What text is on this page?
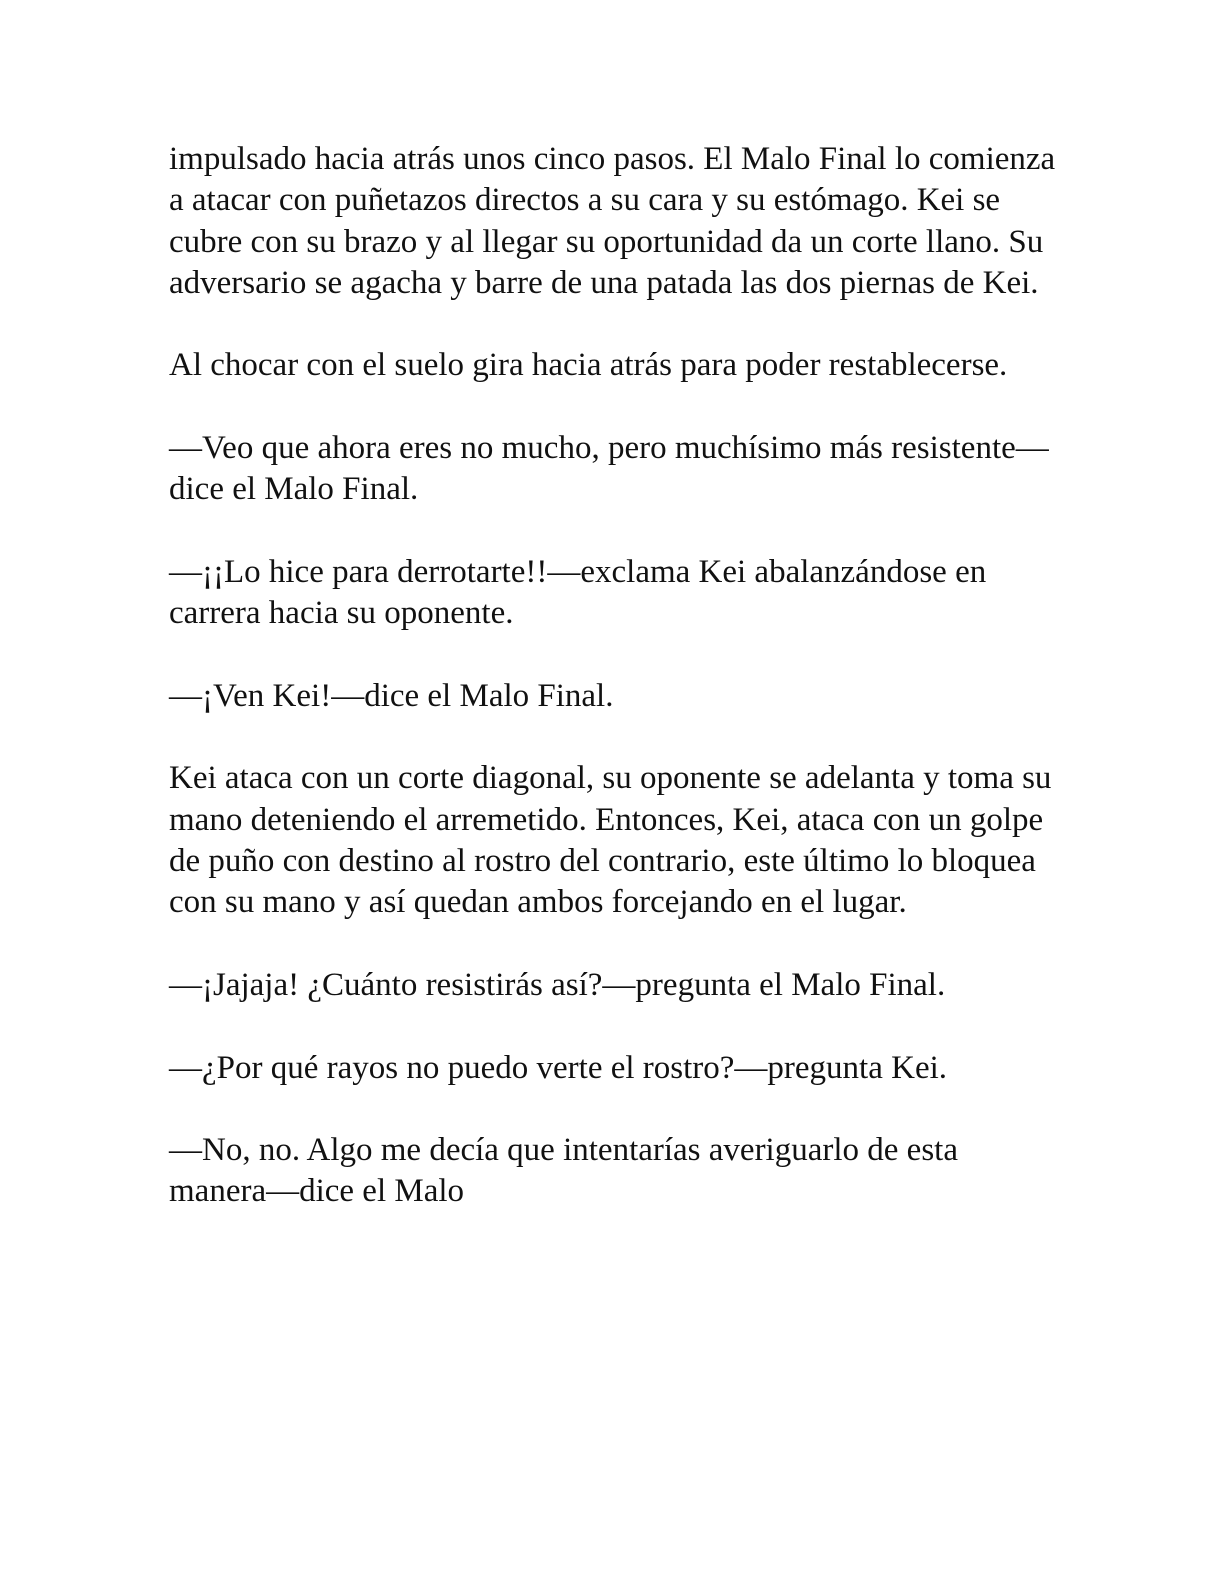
impulsado hacia atrás unos cinco pasos. El Malo Final lo comienza a atacar con puñetazos directos a su cara y su estómago. Kei se cubre con su brazo y al llegar su oportunidad da un corte llano. Su adversario se agacha y barre de una patada las dos piernas de Kei.

Al chocar con el suelo gira hacia atrás para poder restablecerse.

—Veo que ahora eres no mucho, pero muchísimo más resistente—dice el Malo Final.

—¡¡Lo hice para derrotarte!!—exclama Kei abalanzándose en carrera hacia su oponente.

—¡Ven Kei!—dice el Malo Final.

Kei ataca con un corte diagonal, su oponente se adelanta y toma su mano deteniendo el arremetido. Entonces, Kei, ataca con un golpe de puño con destino al rostro del contrario, este último lo bloquea con su mano y así quedan ambos forcejando en el lugar.

—¡Jajaja! ¿Cuánto resistirás así?—pregunta el Malo Final.

—¿Por qué rayos no puedo verte el rostro?—pregunta Kei.

—No, no. Algo me decía que intentarías averiguarlo de esta manera—dice el Malo
